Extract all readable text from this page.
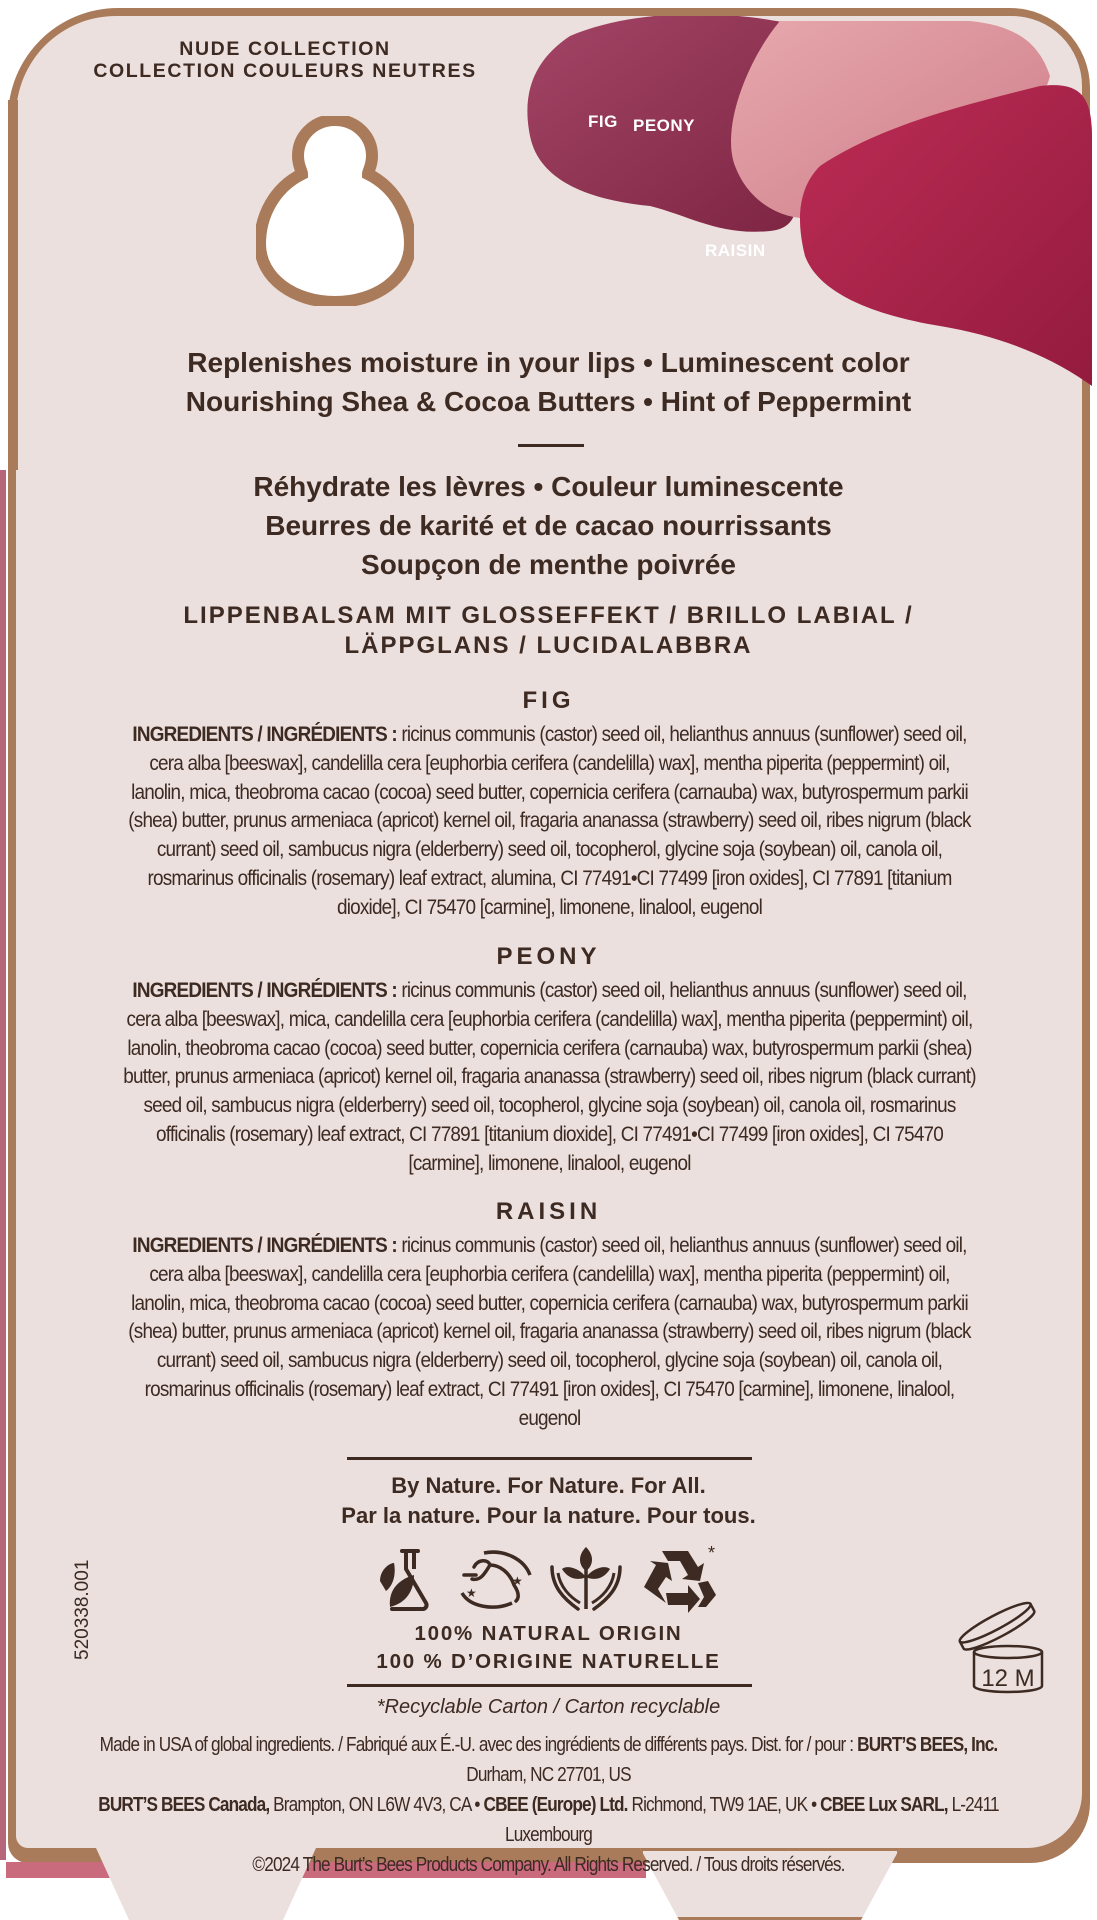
NUDE COLLECTION
COLLECTION COULEURS NEUTRES
FIG PEONY
RAISIN
Replenishes moisture in your lips • Luminescent color
Nourishing Shea & Cocoa Butters • Hint of Peppermint
Réhydrate les lèvres • Couleur luminescente
Beurres de karité et de cacao nourrissants
Soupçon de menthe poivrée
LIPPENBALSAM MIT GLOSSEFFEKT / BRILLO LABIAL /
LÄPPGLANS / LUCIDALABBRA
FIG
INGREDIENTS / INGRÉDIENTS : ricinus communis (castor) seed oil, helianthus annuus (sunflower) seed oil, cera alba [beeswax], candelilla cera [euphorbia cerifera (candelilla) wax], mentha piperita (peppermint) oil, lanolin, mica, theobroma cacao (cocoa) seed butter, copernicia cerifera (carnauba) wax, butyrospermum parkii (shea) butter, prunus armeniaca (apricot) kernel oil, fragaria ananassa (strawberry) seed oil, ribes nigrum (black currant) seed oil, sambucus nigra (elderberry) seed oil, tocopherol, glycine soja (soybean) oil, canola oil, rosmarinus officinalis (rosemary) leaf extract, alumina, CI 77491•CI 77499 [iron oxides], CI 77891 [titanium dioxide], CI 75470 [carmine], limonene, linalool, eugenol
PEONY
INGREDIENTS / INGRÉDIENTS : ricinus communis (castor) seed oil, helianthus annuus (sunflower) seed oil, cera alba [beeswax], mica, candelilla cera [euphorbia cerifera (candelilla) wax], mentha piperita (peppermint) oil, lanolin, theobroma cacao (cocoa) seed butter, copernicia cerifera (carnauba) wax, butyrospermum parkii (shea) butter, prunus armeniaca (apricot) kernel oil, fragaria ananassa (strawberry) seed oil, ribes nigrum (black currant) seed oil, sambucus nigra (elderberry) seed oil, tocopherol, glycine soja (soybean) oil, canola oil, rosmarinus officinalis (rosemary) leaf extract, CI 77891 [titanium dioxide], CI 77491•CI 77499 [iron oxides], CI 75470 [carmine], limonene, linalool, eugenol
RAISIN
INGREDIENTS / INGRÉDIENTS : ricinus communis (castor) seed oil, helianthus annuus (sunflower) seed oil, cera alba [beeswax], candelilla cera [euphorbia cerifera (candelilla) wax], mentha piperita (peppermint) oil, lanolin, mica, theobroma cacao (cocoa) seed butter, copernicia cerifera (carnauba) wax, butyrospermum parkii (shea) butter, prunus armeniaca (apricot) kernel oil, fragaria ananassa (strawberry) seed oil, ribes nigrum (black currant) seed oil, sambucus nigra (elderberry) seed oil, tocopherol, glycine soja (soybean) oil, canola oil, rosmarinus officinalis (rosemary) leaf extract, CI 77491 [iron oxides], CI 75470 [carmine], limonene, linalool, eugenol
By Nature. For Nature. For All.
Par la nature. Pour la nature. Pour tous.
★
★
*
100% NATURAL ORIGIN
100 % D’ORIGINE NATURELLE
*Recyclable Carton / Carton recyclable
520338.001
12 M
Made in USA of global ingredients. / Fabriqué aux É.-U. avec des ingrédients de différents pays. Dist. for / pour : BURT’S BEES, Inc. Durham, NC 27701, US
BURT’S BEES Canada, Brampton, ON L6W 4V3, CA • CBEE (Europe) Ltd. Richmond, TW9 1AE, UK • CBEE Lux SARL, L-2411 Luxembourg
©2024 The Burt’s Bees Products Company. All Rights Reserved. / Tous droits réservés.
